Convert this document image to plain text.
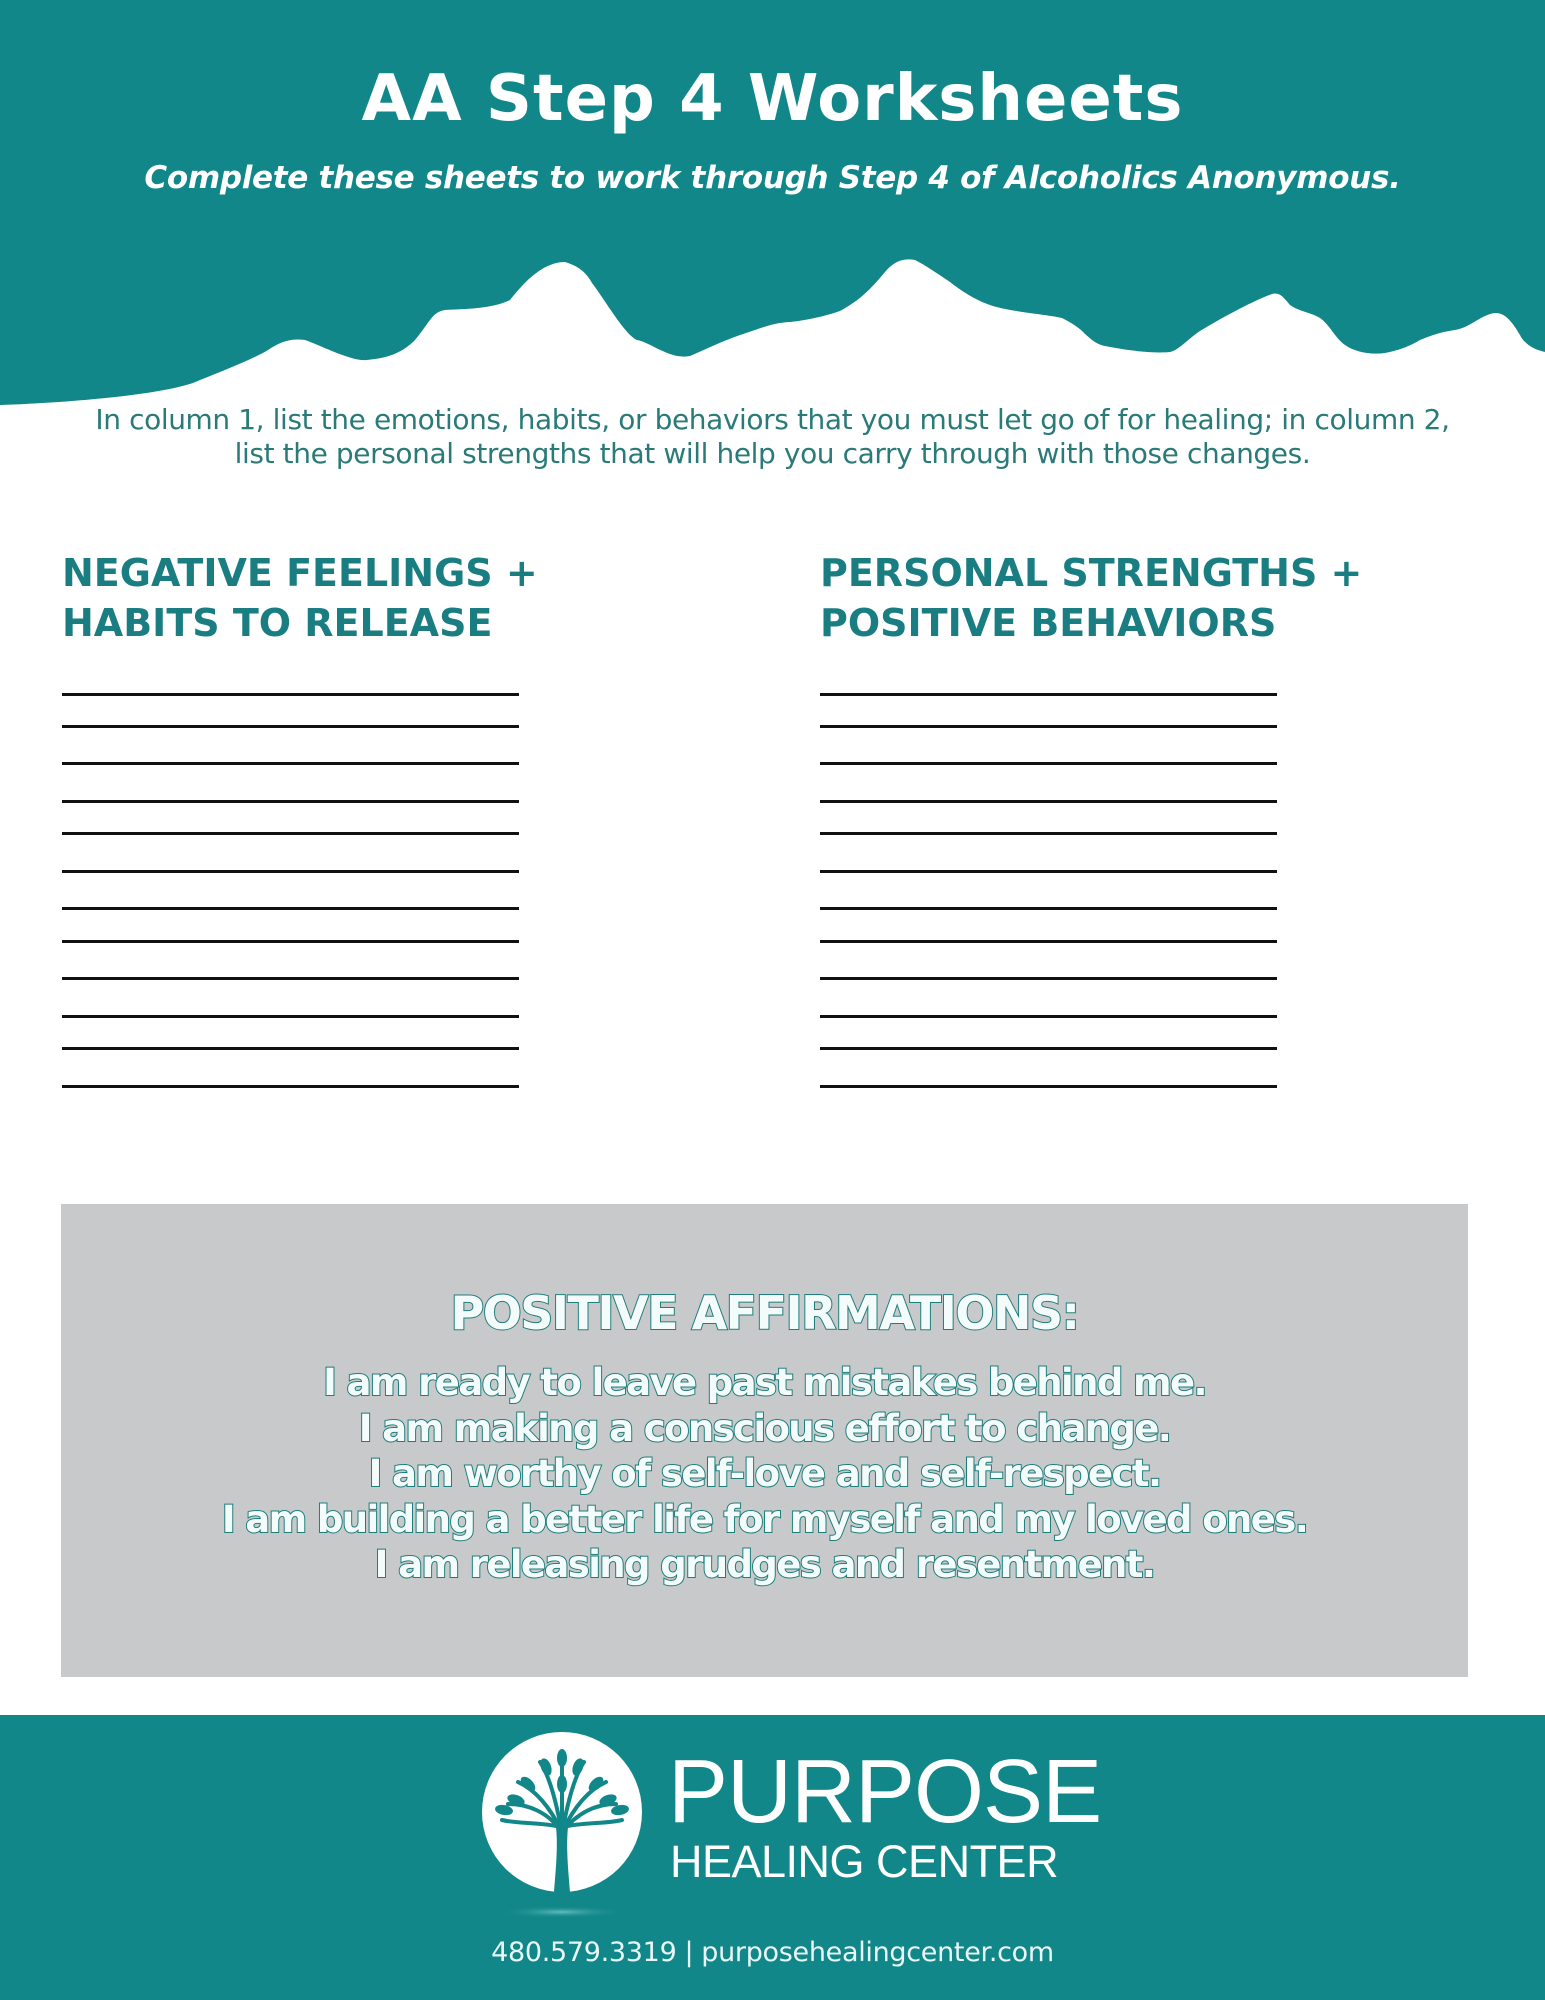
AA Step 4 Worksheets

Complete these sheets to work through Step 4 of Alcoholics Anonymous.

In column 1, list the emotions, habits, or behaviors that you must let go of for healing; in column 2,
list the personal strengths that will help you carry through with those changes.
NEGATIVE FEELINGS +
HABITS TO RELEASE
PERSONAL STRENGTHS +
POSITIVE BEHAVIORS
POSITIVE AFFIRMATIONS:
I am ready to leave past mistakes behind me.
I am making a conscious effort to change.
I am worthy of self-love and self-respect.
I am building a better life for myself and my loved ones.
I am releasing grudges and resentment.
PURPOSE
HEALING CENTER

480.579.3319 | purposehealingcenter.com
